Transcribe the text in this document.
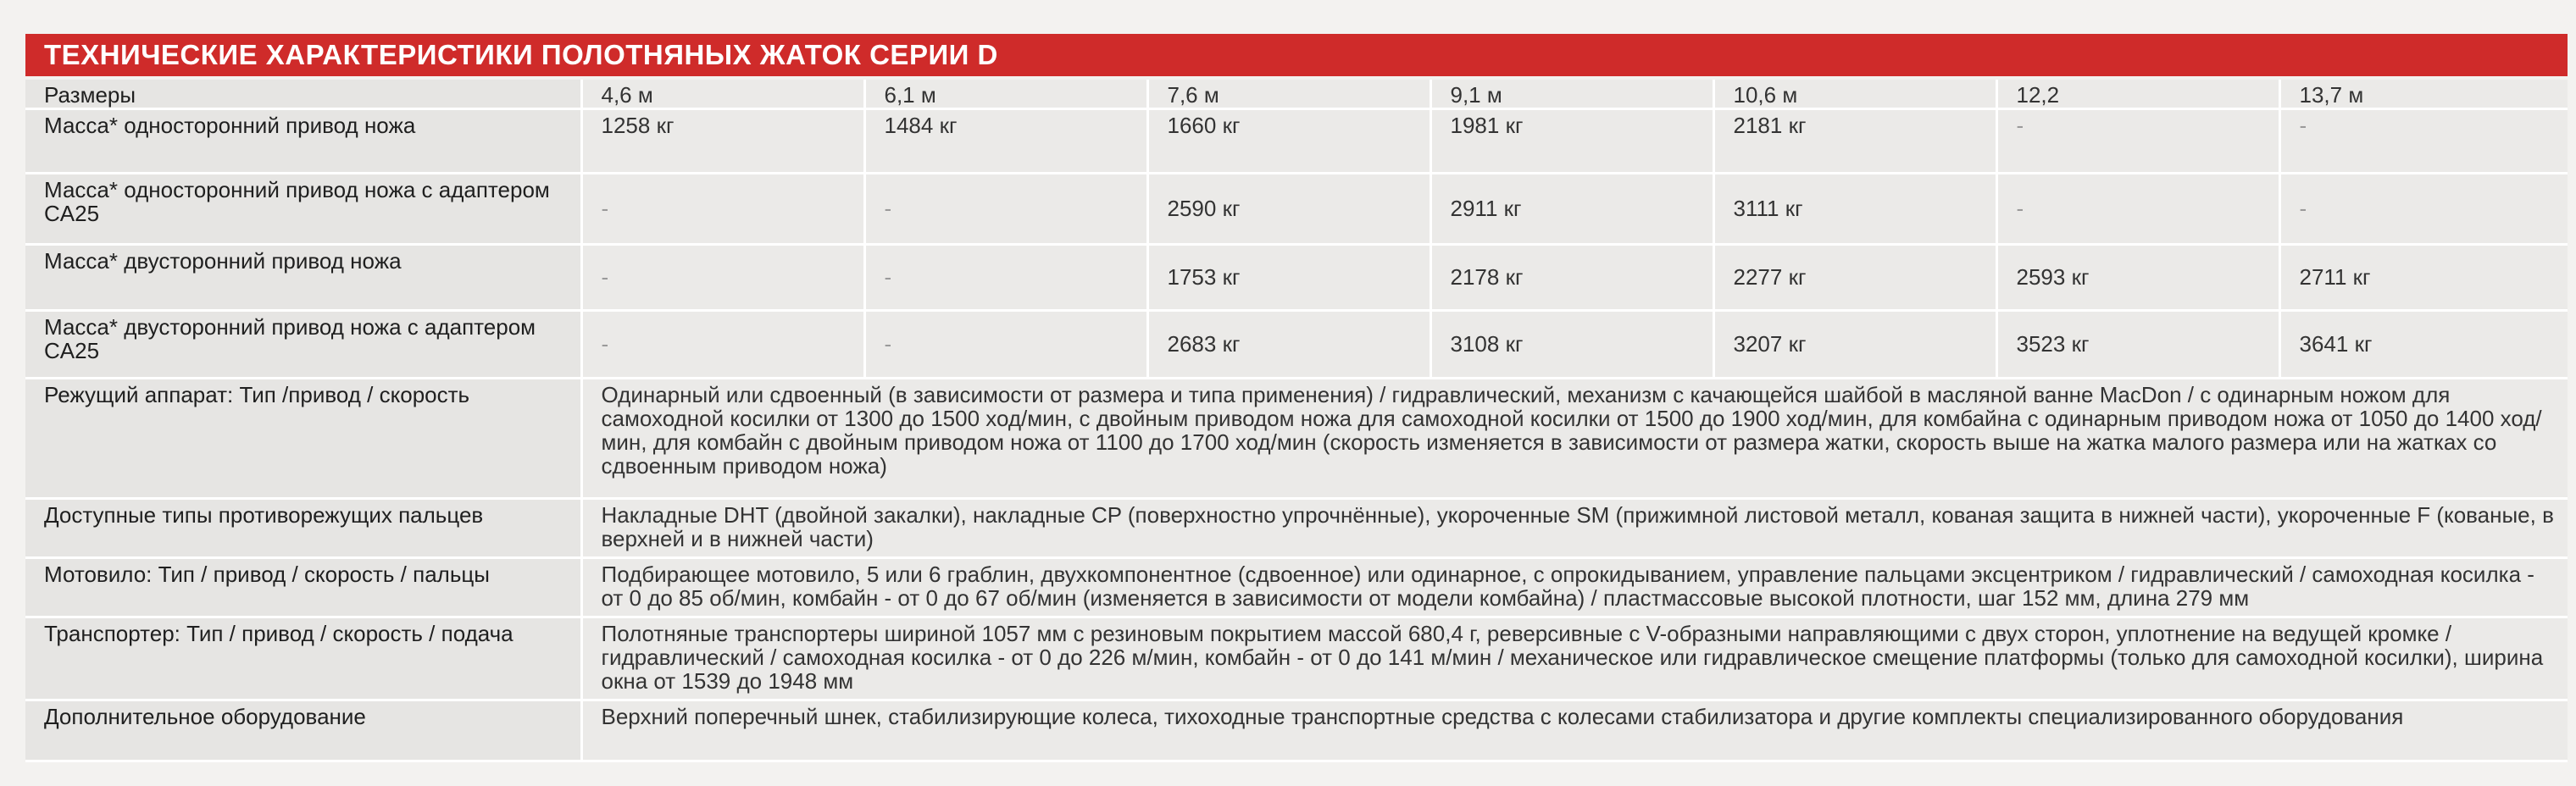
ТЕХНИЧЕСКИЕ ХАРАКТЕРИСТИКИ ПОЛОТНЯНЫХ ЖАТОК СЕРИИ D
Размеры	4,6 м	6,1 м	7,6 м	9,1 м	10,6 м	12,2	13,7 м
Масса* односторонний привод ножа	1258 кг	1484 кг	1660 кг	1981 кг	2181 кг	-	-
Масса* односторонний привод ножа с адаптером CA25	-	-	2590 кг	2911 кг	3111 кг	-	-
Масса* двусторонний привод ножа	-	-	1753 кг	2178 кг	2277 кг	2593 кг	2711 кг
Масса* двусторонний привод ножа с адаптером CA25	-	-	2683 кг	3108 кг	3207 кг	3523 кг	3641 кг
Режущий аппарат: Тип /привод / скорость	Одинарный или сдвоенный (в зависимости от размера и типа применения) / гидравлический, механизм с качающейся шайбой в масляной ванне MacDon / с одинарным ножом для самоходной косилки от 1300 до 1500 ход/мин, с двойным приводом ножа для самоходной косилки от 1500 до 1900 ход/мин, для комбайна с одинарным приводом ножа от 1050 до 1400 ход/мин, для комбайн с двойным приводом ножа от 1100 до 1700 ход/мин (скорость изменяется в зависимости от размера жатки, скорость выше на жатка малого размера или на жатках со сдвоенным приводом ножа)						
Доступные типы противорежущих пальцев	Накладные DHT (двойной закалки), накладные CP (поверхностно упрочнённые), укороченные SM (прижимной листовой металл, кованая защита в нижней части), укороченные F (кованые, в верхней и в нижней части)						
Мотовило: Тип / привод / скорость / пальцы	Подбирающее мотовило, 5 или 6 граблин, двухкомпонентное (сдвоенное) или одинарное, с опрокидыванием, управление пальцами эксцентриком / гидравлический / самоходная косилка - от 0 до 85 об/мин, комбайн - от 0 до 67 об/мин (изменяется в зависимости от модели комбайна) / пластмассовые высокой плотности, шаг 152 мм, длина 279 мм						
Транспортер: Тип / привод / скорость / подача	Полотняные транспортеры шириной 1057 мм с резиновым покрытием массой 680,4 г, реверсивные с V-образными направляющими с двух сторон, уплотнение на ведущей кромке / гидравлический / самоходная косилка - от 0 до 226 м/мин, комбайн - от 0 до 141 м/мин / механическое или гидравлическое смещение платформы (только для самоходной косилки), ширина окна от 1539 до 1948 мм						
Дополнительное оборудование	Верхний поперечный шнек, стабилизирующие колеса, тихоходные транспортные средства с колесами стабилизатора и другие комплекты специализированного оборудования						
